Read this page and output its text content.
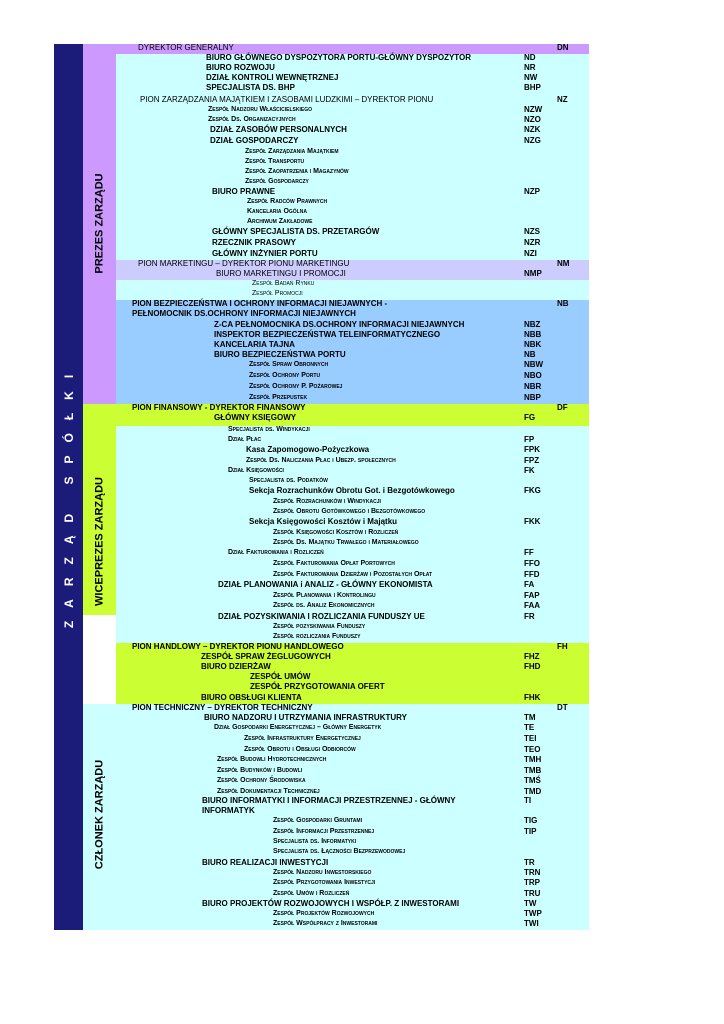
ZARZĄD SPÓŁKI
PREZES ZARZĄDU
WICEPREZES ZARZĄDU
CZŁONEK ZARZĄDU
DYREKTOR GENERALNY	DN
BIURO GŁÓWNEGO DYSPOZYTORA PORTU-GŁÓWNY DYSPOZYTOR	ND
BIURO ROZWOJU	NR
DZIAŁ KONTROLI WEWNĘTRZNEJ	NW
SPECJALISTA DS. BHP	BHP
PION ZARZĄDZANIA MAJĄTKIEM I ZASOBAMI LUDZKIMI – DYREKTOR PIONU	NZ
Zespół Nadzoru Właścicielskiego	NZW
Zespół Ds. Organizacyjnych	NZO
DZIAŁ ZASOBÓW PERSONALNYCH	NZK
DZIAŁ GOSPODARCZY	NZG
Zespół Zarządzania Majątkiem
Zespół Transportu
Zespół Zaopatrzenia i Magazynów
Zespół Gospodarczy
BIURO PRAWNE	NZP
Zespół Radców Prawnych
Kancelaria Ogólna
Archiwum Zakładowe
GŁÓWNY SPECJALISTA DS. PRZETARGÓW	NZS
RZECZNIK PRASOWY	NZR
GŁÓWNY INŻYNIER PORTU	NZI
PION MARKETINGU – DYREKTOR PIONU MARKETINGU	NM
BIURO MARKETINGU I PROMOCJI	NMP
Zespół Badań Rynku
Zespół Promocji
PION BEZPIECZEŃSTWA I OCHRONY INFORMACJI NIEJAWNYCH -	NB
PEŁNOMOCNIK DS.OCHRONY INFORMACJI NIEJAWNYCH
Z-CA PEŁNOMOCNIKA DS.OCHRONY INFORMACJI NIEJAWNYCH	NBZ
INSPEKTOR BEZPIECZEŃSTWA TELEINFORMATYCZNEGO	NBB
KANCELARIA TAJNA	NBK
BIURO BEZPIECZEŃSTWA PORTU	NB
Zespół Spraw Obronnych	NBW
Zespół Ochrony Portu	NBO
Zespół Ochrony P. Pożarowej	NBR
Zespół Przepustek	NBP
PION FINANSOWY - DYREKTOR FINANSOWY	DF
GŁÓWNY KSIĘGOWY	FG
Specjalista ds. Windykacji
Dział Płac	FP
Kasa Zapomogowo-Pożyczkowa	FPK
Zespół Ds. Naliczania Płac i Ubezp. społecznych	FPZ
Dział Księgowości	FK
Specjalista ds. Podatków
Sekcja Rozrachunków Obrotu Got. i Bezgotówkowego	FKG
Zespół Rozrachunków i Windykacji
Zespół Obrotu Gotówkowego i Bezgotówkowego
Sekcja Księgowości Kosztów i Majątku	FKK
Zespół Księgowości Kosztów i Rozliczeń
Zespół Ds. Majątku Trwałego i Materiałowego
Dział Fakturowania i Rozliczeń	FF
Zespół Fakturowania Opłat Portowych	FFO
Zespół Fakturowania Dzierżaw i Pozostałych Opłat	FFD
DZIAŁ PLANOWANIA i ANALIZ - GŁÓWNY EKONOMISTA	FA
Zespół Planowania i Kontrolingu	FAP
Zespół ds. Analiz Ekonomicznych	FAA
DZIAŁ POZYSKIWANIA I ROZLICZANIA FUNDUSZY UE	FR
Zespół pozyskiwania Funduszy
Zespół rozliczania Funduszy
PION HANDLOWY – DYREKTOR PIONU HANDLOWEGO	FH
ZESPÓŁ SPRAW ŻEGLUGOWYCH	FHZ
BIURO DZIERŻAW	FHD
ZESPÓŁ UMÓW
ZESPÓŁ PRZYGOTOWANIA OFERT
BIURO OBSŁUGI KLIENTA	FHK
PION TECHNICZNY – DYREKTOR TECHNICZNY	DT
BIURO NADZORU I UTRZYMANIA INFRASTRUKTURY	TM
Dział Gospodarki Energetycznej – Główny Energetyk	TE
Zespół Infrastruktury Energetycznej	TEI
Zespół Obrotu i Obsługi Odbiorców	TEO
Zespół Budowli Hydrotechnicznych	TMH
Zespół Budynków i Budowli	TMB
Zespół Ochrony Środowiska	TMŚ
Zespół Dokumentacji Technicznej	TMD
BIURO INFORMATYKI I INFORMACJI PRZESTRZENNEJ - GŁÓWNY	TI
INFORMATYK
Zespół Gospodarki Gruntami	TIG
Zespół Informacji Przestrzennej	TIP
Specjalista ds. Informatyki
Specjalista ds. Łączności Bezprzewodowej
BIURO REALIZACJI INWESTYCJI	TR
Zespół Nadzoru Inwestorskiego	TRN
Zespół Przygotowania Inwestycji	TRP
Zespół Umów i Rozliczeń	TRU
BIURO PROJEKTÓW ROZWOJOWYCH I WSPÓŁP. Z INWESTORAMI	TW
Zespół Projektów Rozwojowych	TWP
Zespół Współpracy z Inwestorami	TWI
